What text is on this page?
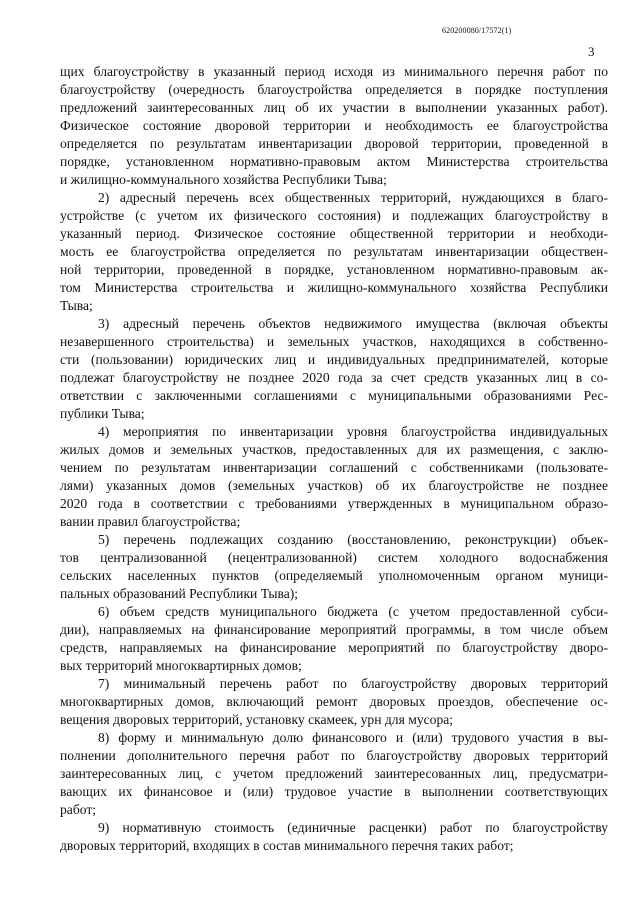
620200080/17572(1)
3
щих благоустройству в указанный период исходя из минимального перечня работ по
благоустройству (очередность благоустройства определяется в порядке поступления
предложений заинтересованных лиц об их участии в выполнении указанных работ).
Физическое состояние дворовой территории и необходимость ее благоустройства
определяется по результатам инвентаризации дворовой территории, проведенной в
порядке, установленном нормативно-правовым актом Министерства строительства
и жилищно-коммунального хозяйства Республики Тыва;
2) адресный перечень всех общественных территорий, нуждающихся в благо-
устройстве (с учетом их физического состояния) и подлежащих благоустройству в
указанный период. Физическое состояние общественной территории и необходи-
мость ее благоустройства определяется по результатам инвентаризации обществен-
ной территории, проведенной в порядке, установленном нормативно-правовым ак-
том Министерства строительства и жилищно-коммунального хозяйства Республики
Тыва;
3) адресный перечень объектов недвижимого имущества (включая объекты
незавершенного строительства) и земельных участков, находящихся в собственно-
сти (пользовании) юридических лиц и индивидуальных предпринимателей, которые
подлежат благоустройству не позднее 2020 года за счет средств указанных лиц в со-
ответствии с заключенными соглашениями с муниципальными образованиями Рес-
публики Тыва;
4) мероприятия по инвентаризации уровня благоустройства индивидуальных
жилых домов и земельных участков, предоставленных для их размещения, с заклю-
чением по результатам инвентаризации соглашений с собственниками (пользовате-
лями) указанных домов (земельных участков) об их благоустройстве не позднее
2020 года в соответствии с требованиями утвержденных в муниципальном образо-
вании правил благоустройства;
5) перечень подлежащих созданию (восстановлению, реконструкции) объек-
тов централизованной (нецентрализованной) систем холодного водоснабжения
сельских населенных пунктов (определяемый уполномоченным органом муници-
пальных образований Республики Тыва);
6) объем средств муниципального бюджета (с учетом предоставленной субси-
дии), направляемых на финансирование мероприятий программы, в том числе объем
средств, направляемых на финансирование мероприятий по благоустройству дворо-
вых территорий многоквартирных домов;
7) минимальный перечень работ по благоустройству дворовых территорий
многоквартирных домов, включающий ремонт дворовых проездов, обеспечение ос-
вещения дворовых территорий, установку скамеек, урн для мусора;
8) форму и минимальную долю финансового и (или) трудового участия в вы-
полнении дополнительного перечня работ по благоустройству дворовых территорий
заинтересованных лиц, с учетом предложений заинтересованных лиц, предусматри-
вающих их финансовое и (или) трудовое участие в выполнении соответствующих
работ;
9) нормативную стоимость (единичные расценки) работ по благоустройству
дворовых территорий, входящих в состав минимального перечня таких работ;
